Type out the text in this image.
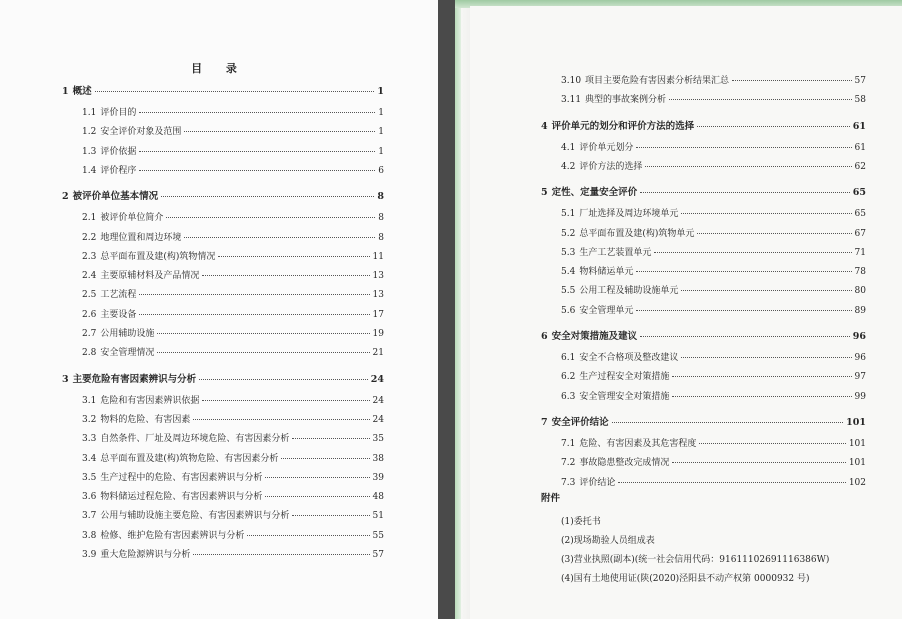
目 录
1 概述	1
1.1 评价目的	1
1.2 安全评价对象及范围	1
1.3 评价依据	1
1.4 评价程序	6
2 被评价单位基本情况	8
2.1 被评价单位简介	8
2.2 地理位置和周边环境	8
2.3 总平面布置及建(构)筑物情况	11
2.4 主要原辅材料及产品情况	13
2.5 工艺流程	13
2.6 主要设备	17
2.7 公用辅助设施	19
2.8 安全管理情况	21
3 主要危险有害因素辨识与分析	24
3.1 危险和有害因素辨识依据	24
3.2 物料的危险、有害因素	24
3.3 自然条件、厂址及周边环境危险、有害因素分析	35
3.4 总平面布置及建(构)筑物危险、有害因素分析	38
3.5 生产过程中的危险、有害因素辨识与分析	39
3.6 物料储运过程危险、有害因素辨识与分析	48
3.7 公用与辅助设施主要危险、有害因素辨识与分析	51
3.8 检修、维护危险有害因素辨识与分析	55
3.9 重大危险源辨识与分析	57
3.10 项目主要危险有害因素分析结果汇总	57
3.11 典型的事故案例分析	58
4 评价单元的划分和评价方法的选择	61
4.1 评价单元划分	61
4.2 评价方法的选择	62
5 定性、定量安全评价	65
5.1 厂址选择及周边环境单元	65
5.2 总平面布置及建(构)筑物单元	67
5.3 生产工艺装置单元	71
5.4 物料储运单元	78
5.5 公用工程及辅助设施单元	80
5.6 安全管理单元	89
6 安全对策措施及建议	96
6.1 安全不合格项及整改建议	96
6.2 生产过程安全对策措施	97
6.3 安全管理安全对策措施	99
7 安全评价结论	101
7.1 危险、有害因素及其危害程度	101
7.2 事故隐患整改完成情况	101
7.3 评价结论	102
附件
(1)委托书
(2)现场勘验人员组成表
(3)营业执照(副本)(统一社会信用代码：91611102691116386W)
(4)国有土地使用证(陕(2020)泾阳县不动产权第 0000932 号)
